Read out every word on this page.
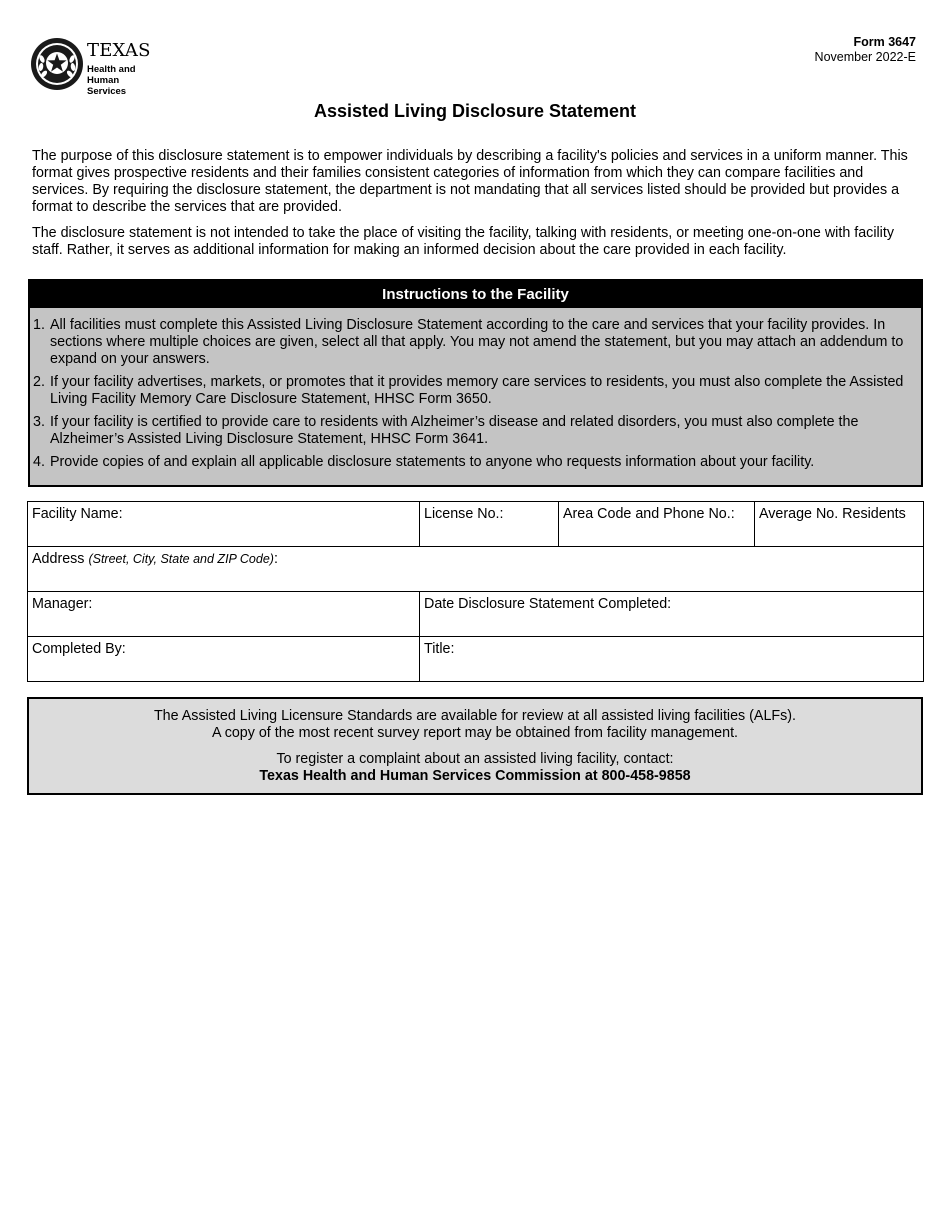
TEXAS
Health and Human
Services
Form 3647
November 2022-E
Assisted Living Disclosure Statement

The purpose of this disclosure statement is to empower individuals by describing a facility's policies and services in a uniform manner. This format gives prospective residents and their families consistent categories of information from which they can compare facilities and services. By requiring the disclosure statement, the department is not mandating that all services listed should be provided but provides a format to describe the services that are provided.

The disclosure statement is not intended to take the place of visiting the facility, talking with residents, or meeting one-on-one with facility staff. Rather, it serves as additional information for making an informed decision about the care provided in each facility.

Instructions to the Facility
1. All facilities must complete this Assisted Living Disclosure Statement according to the care and services that your facility provides. In sections where multiple choices are given, select all that apply. You may not amend the statement, but you may attach an addendum to expand on your answers.
2. If your facility advertises, markets, or promotes that it provides memory care services to residents, you must also complete the Assisted Living Facility Memory Care Disclosure Statement, HHSC Form 3650.
3. If your facility is certified to provide care to residents with Alzheimer’s disease and related disorders, you must also complete the Alzheimer’s Assisted Living Disclosure Statement, HHSC Form 3641.
4. Provide copies of and explain all applicable disclosure statements to anyone who requests information about your facility.
Facility Name:	License No.:	Area Code and Phone No.:	Average No. Residents
Address (Street, City, State and ZIP Code):			
Manager:	Date Disclosure Statement Completed:		
Completed By:	Title:		
The Assisted Living Licensure Standards are available for review at all assisted living facilities (ALFs).
A copy of the most recent survey report may be obtained from facility management.
To register a complaint about an assisted living facility, contact:
Texas Health and Human Services Commission at 800-458-9858
